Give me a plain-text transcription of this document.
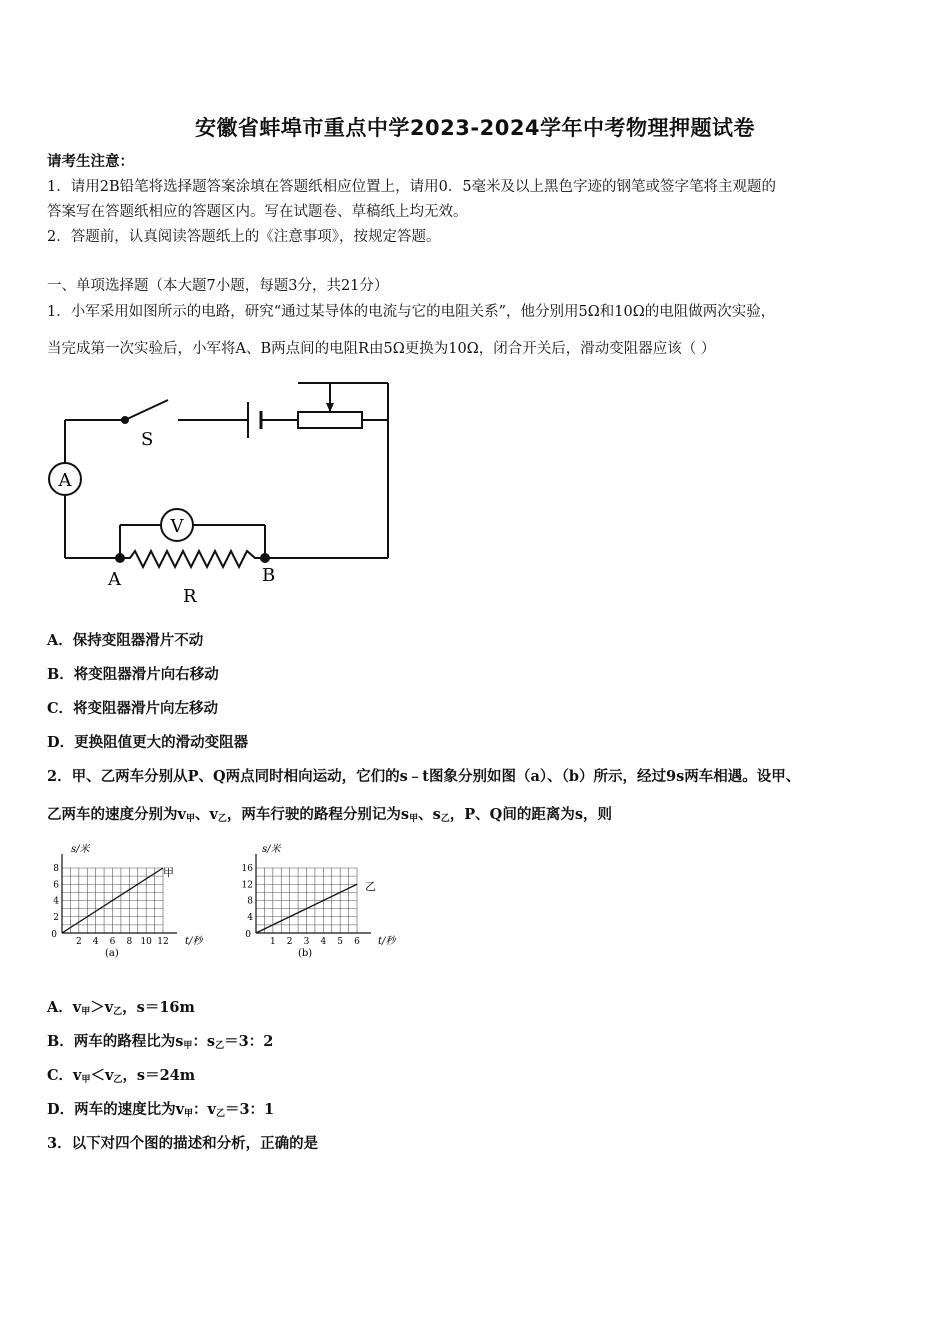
安徽省蚌埠市重点中学2023-2024学年中考物理押题试卷
请考生注意：
1．请用2B铅笔将选择题答案涂填在答题纸相应位置上，请用0．5毫米及以上黑色字迹的钢笔或签字笔将主观题的
答案写在答题纸相应的答题区内。写在试题卷、草稿纸上均无效。
2．答题前，认真阅读答题纸上的《注意事项》，按规定答题。
一、单项选择题（本大题7小题，每题3分，共21分）
1．小军采用如图所示的电路，研究“通过某导体的电流与它的电阻关系”，他分别用5Ω和10Ω的电阻做两次实验，
当完成第一次实验后，小军将A、B两点间的电阻R由5Ω更换为10Ω，闭合开关后，滑动变阻器应该（ ）
S
A
V
A	B
R
A．保持变阻器滑片不动
B．将变阻器滑片向右移动
C．将变阻器滑片向左移动
D．更换阻值更大的滑动变阻器
2．甲、乙两车分别从P、Q两点同时相向运动，它们的s﹣t图象分别如图（a）、（b）所示，经过9s两车相遇。设甲、
乙两车的速度分别为$v_甲$、$v_乙$，两车行驶的路程分别记为$s_甲$、$s_乙$，P、Q间的距离为s，则
8
6
4
2
2 4 6 8 10 12
0
s/米
t/秒
甲
(a)
16
12
8
4
1 2 3 4 5 6
0
s/米
t/秒
乙
(b)
A．$v_甲>v_乙$，s＝16m
B．两车的路程比为$s_甲$：$s_乙=3$：2
C．$v_甲<v_乙$，s＝24m
D．两车的速度比为$v_甲$：$v_乙=3$：1
3．以下对四个图的描述和分析，正确的是
